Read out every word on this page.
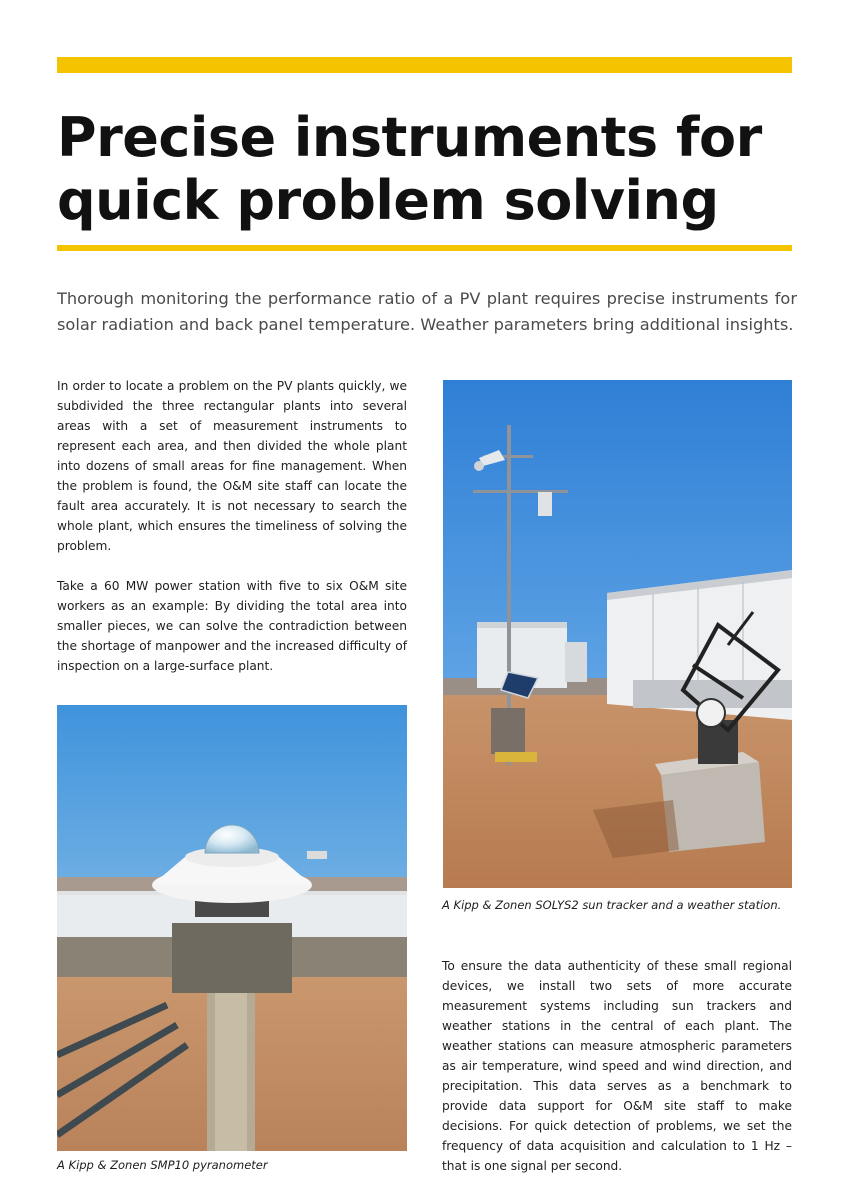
Precise instruments for quick problem solving

Thorough monitoring the performance ratio of a PV plant requires precise instruments for solar radiation and back panel temperature. Weather parameters bring additional insights.

In order to locate a problem on the PV plants quickly, we subdivided the three rectangular plants into several areas with a set of measurement instruments to represent each area, and then divided the whole plant into dozens of small areas for fine management. When the problem is found, the O&M site staff can locate the fault area accurately. It is not necessary to search the whole plant, which ensures the timeliness of solving the problem.

Take a 60 MW power station with five to six O&M site workers as an example: By dividing the total area into smaller pieces, we can solve the contradiction between the shortage of manpower and the increased difficulty of inspection on a large-surface plant.

A Kipp & Zonen SOLYS2 sun tracker and a weather station.

To ensure the data authenticity of these small regional devices, we install two sets of more accurate measurement systems including sun trackers and weather stations in the central of each plant. The weather stations can measure atmospheric parameters as air temperature, wind speed and wind direction, and precipitation. This data serves as a benchmark to provide data support for O&M site staff to make decisions. For quick detection of problems, we set the frequency of data acquisition and calculation to 1 Hz – that is one signal per second.

A Kipp & Zonen SMP10 pyranometer
